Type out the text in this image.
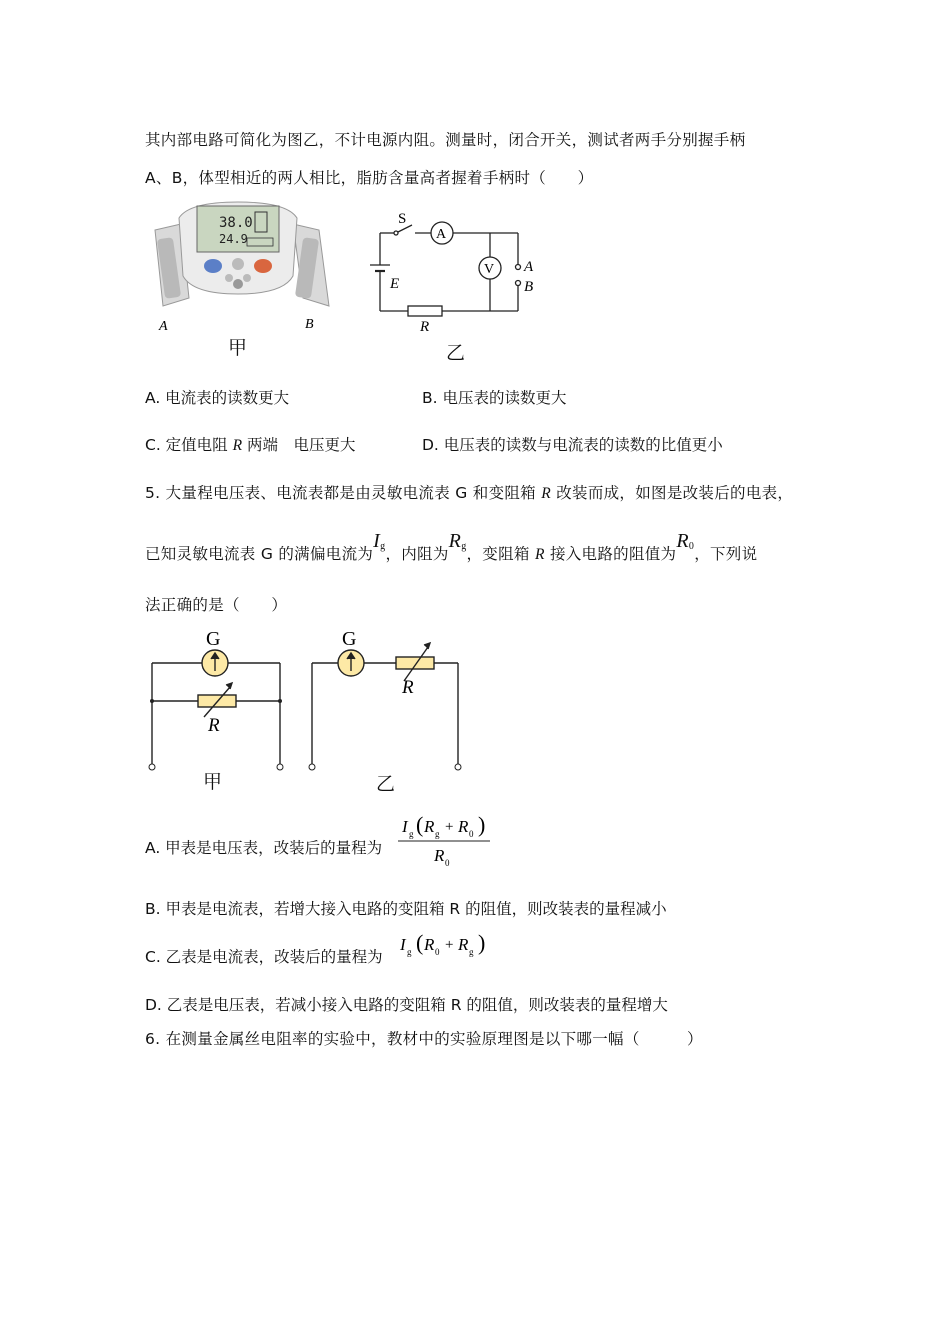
其内部电路可简化为图乙，不计电源内阻。测量时，闭合开关，测试者两手分别握手柄
A、B，体型相近的两人相比，脂肪含量高者握着手柄时（　　）
38.0
24.9
A	B
甲
S
A
V
E
R
A
B
乙
A. 电流表的读数更大	B. 电压表的读数更大
C. 定值电阻 R 两端　电压更大	D. 电压表的读数与电流表的读数的比值更小
5. 大量程电压表、电流表都是由灵敏电流表 G 和变阻箱 R 改装而成，如图是改装后的电表，
已知灵敏电流表 G 的满偏电流为$I^g$，内阻为$R^g$，变阻箱 R 接入电路的阻值为$R^0$，下列说
法正确的是（　　）
G
R
甲
G
R
乙
A. 甲表是电压表，改装后的量程为
I g ( R g + R 0 )
R 0
B. 甲表是电流表，若增大接入电路的变阻箱 R 的阻值，则改装表的量程减小
C. 乙表是电流表，改装后的量程为
I g ( R 0 + R g )
D. 乙表是电压表，若减小接入电路的变阻箱 R 的阻值，则改装表的量程增大
6. 在测量金属丝电阻率的实验中，教材中的实验原理图是以下哪一幅（　　　）
